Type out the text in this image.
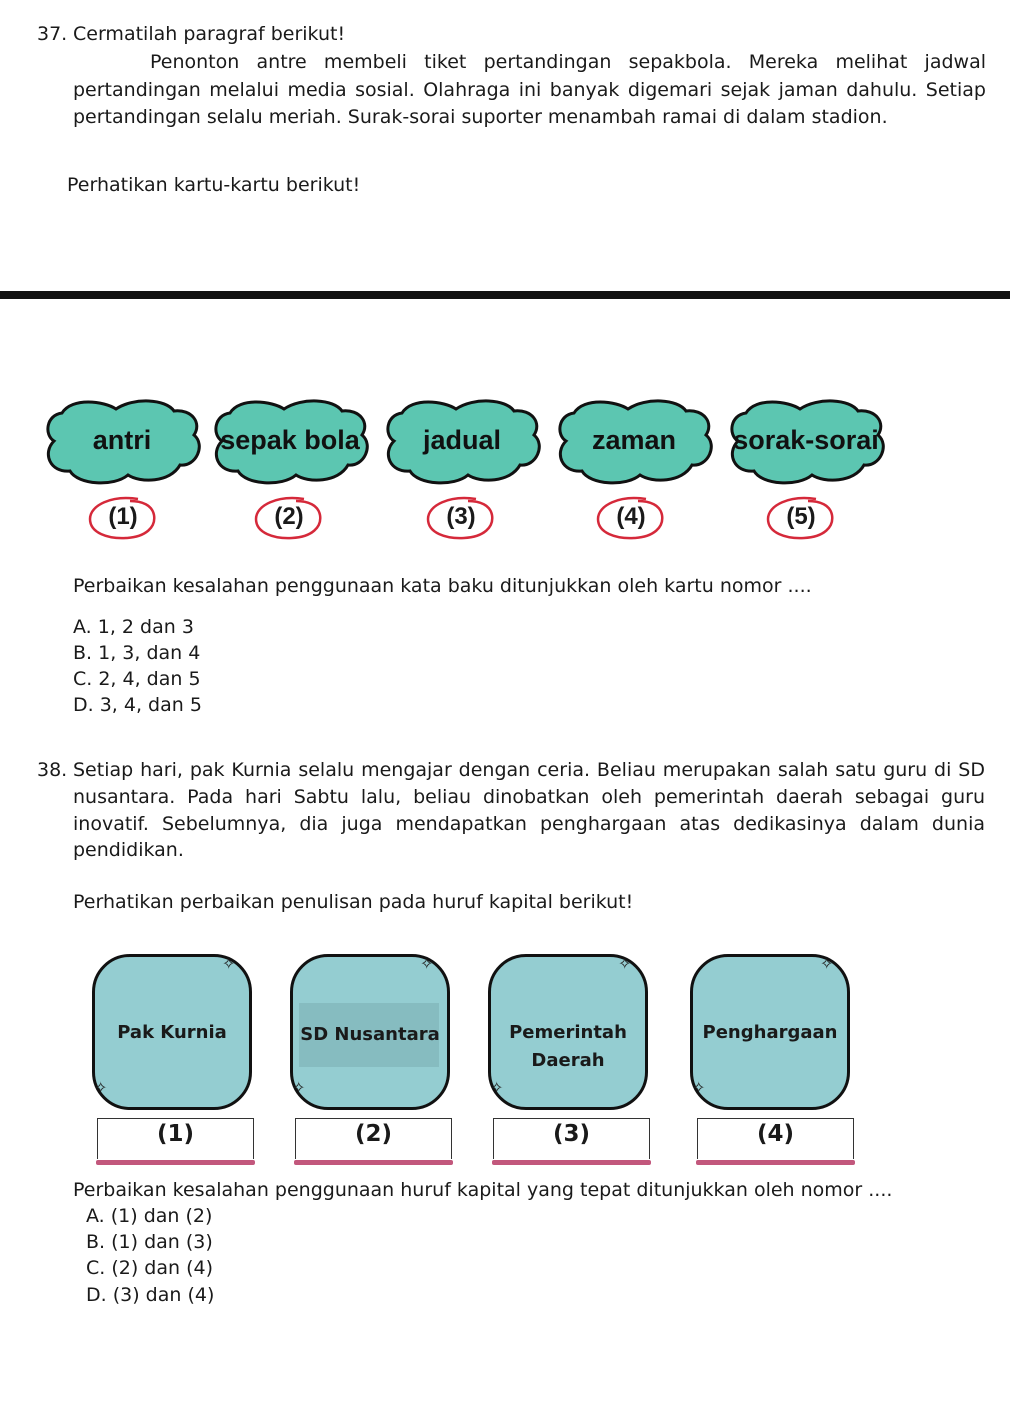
37. Cermatilah paragraf berikut!
Penonton antre membeli tiket pertandingan sepakbola. Mereka melihat jadwal
pertandingan melalui media sosial. Olahraga ini banyak digemari sejak jaman dahulu. Setiap
pertandingan selalu meriah. Surak-sorai suporter menambah ramai di dalam stadion.
Perhatikan kartu-kartu berikut!
antri	sepak bola	jadual	zaman	sorak-sorai
(1)	(2)	(3)	(4)	(5)
Perbaikan kesalahan penggunaan kata baku ditunjukkan oleh kartu nomor ....
A. 1, 2 dan 3
B. 1, 3, dan 4
C. 2, 4, dan 5
D. 3, 4, dan 5
38. Setiap hari, pak Kurnia selalu mengajar dengan ceria. Beliau merupakan salah satu guru di SD
nusantara. Pada hari Sabtu lalu, beliau dinobatkan oleh pemerintah daerah sebagai guru
inovatif. Sebelumnya, dia juga mendapatkan penghargaan atas dedikasinya dalam dunia
pendidikan.
Perhatikan perbaikan penulisan pada huruf kapital berikut!
Pak Kurnia	SD Nusantara	Pemerintah
Daerah
Penghargaan
✧
✧
✧
✧
✧
✧
✧
✧
(1)	(2)	(3)	(4)
Perbaikan kesalahan penggunaan huruf kapital yang tepat ditunjukkan oleh nomor ....
A. (1) dan (2)
B. (1) dan (3)
C. (2) dan (4)
D. (3) dan (4)
